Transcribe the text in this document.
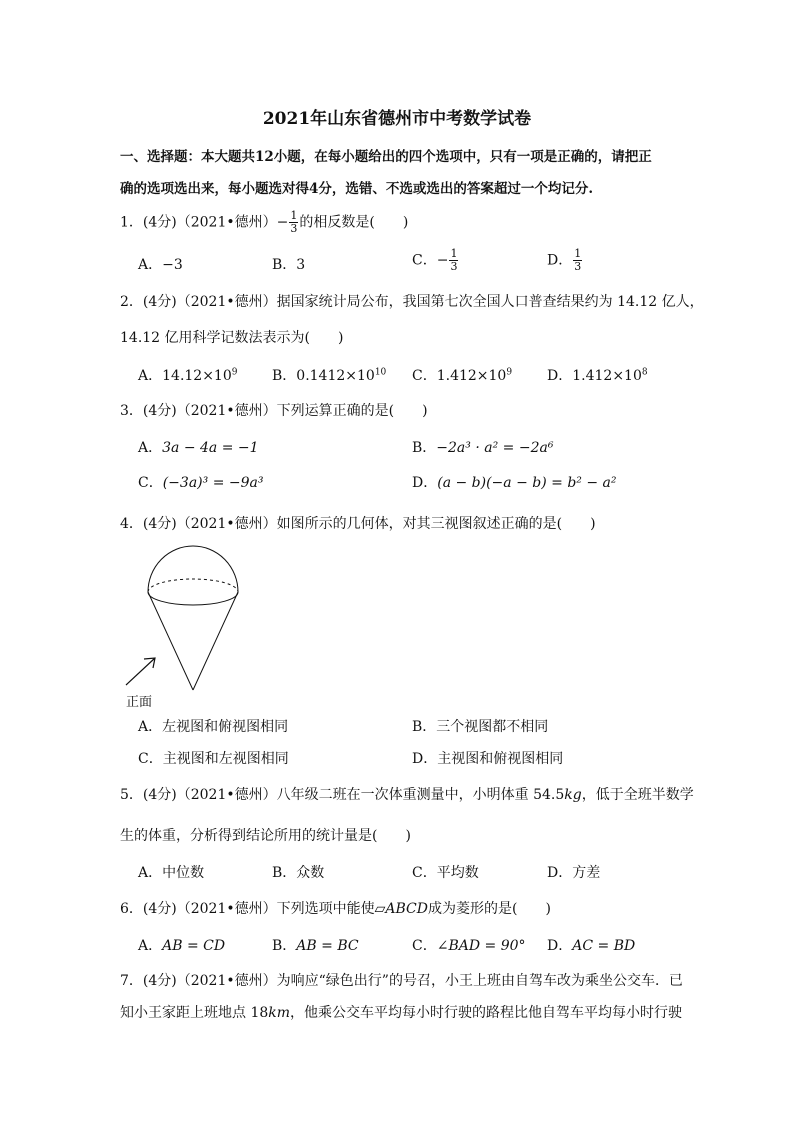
2021年山东省德州市中考数学试卷
一、选择题：本大题共12小题，在每小题给出的四个选项中，只有一项是正确的，请把正
确的选项选出来，每小题选对得4分，选错、不选或选出的答案超过一个均记分.
1．(4分)（2021•德州）− $\frac{1}{3}$ 的相反数是(　　)
A．−3	B．3	C．− $\frac{1}{3}$	D． $\frac{1}{3}$
2．(4分)（2021•德州）据国家统计局公布，我国第七次全国人口普查结果约为 14.12 亿人，
14.12 亿用科学记数法表示为(　　)
A．$14.12\times 10^9$ B．$0.1412\times 10^{10}$ C．$1.412\times 10^9$ D．$1.412\times 10^8$
3．(4分)（2021•德州）下列运算正确的是(　　)
A．3a − 4a = −1	B．−2a³ · a² = −2a⁶
C．(−3a)³ = −9a³	D．(a − b)(−a − b) = b² − a²
4．(4分)（2021•德州）如图所示的几何体，对其三视图叙述正确的是(　　)
正面
A．左视图和俯视图相同	B．三个视图都不相同
C．主视图和左视图相同	D．主视图和俯视图相同
5．(4分)（2021•德州）八年级二班在一次体重测量中，小明体重 54.5kg，低于全班半数学
生的体重，分析得到结论所用的统计量是(　　)
A．中位数	B．众数	C．平均数	D．方差
6．(4分)（2021•德州）下列选项中能使▱ABCD成为菱形的是(　　)
A．AB = CD	B．AB = BC	C．∠BAD = 90° D．AC = BD
7．(4分)（2021•德州）为响应“绿色出行”的号召，小王上班由自驾车改为乘坐公交车．已
知小王家距上班地点 18km，他乘公交车平均每小时行驶的路程比他自驾车平均每小时行驶
